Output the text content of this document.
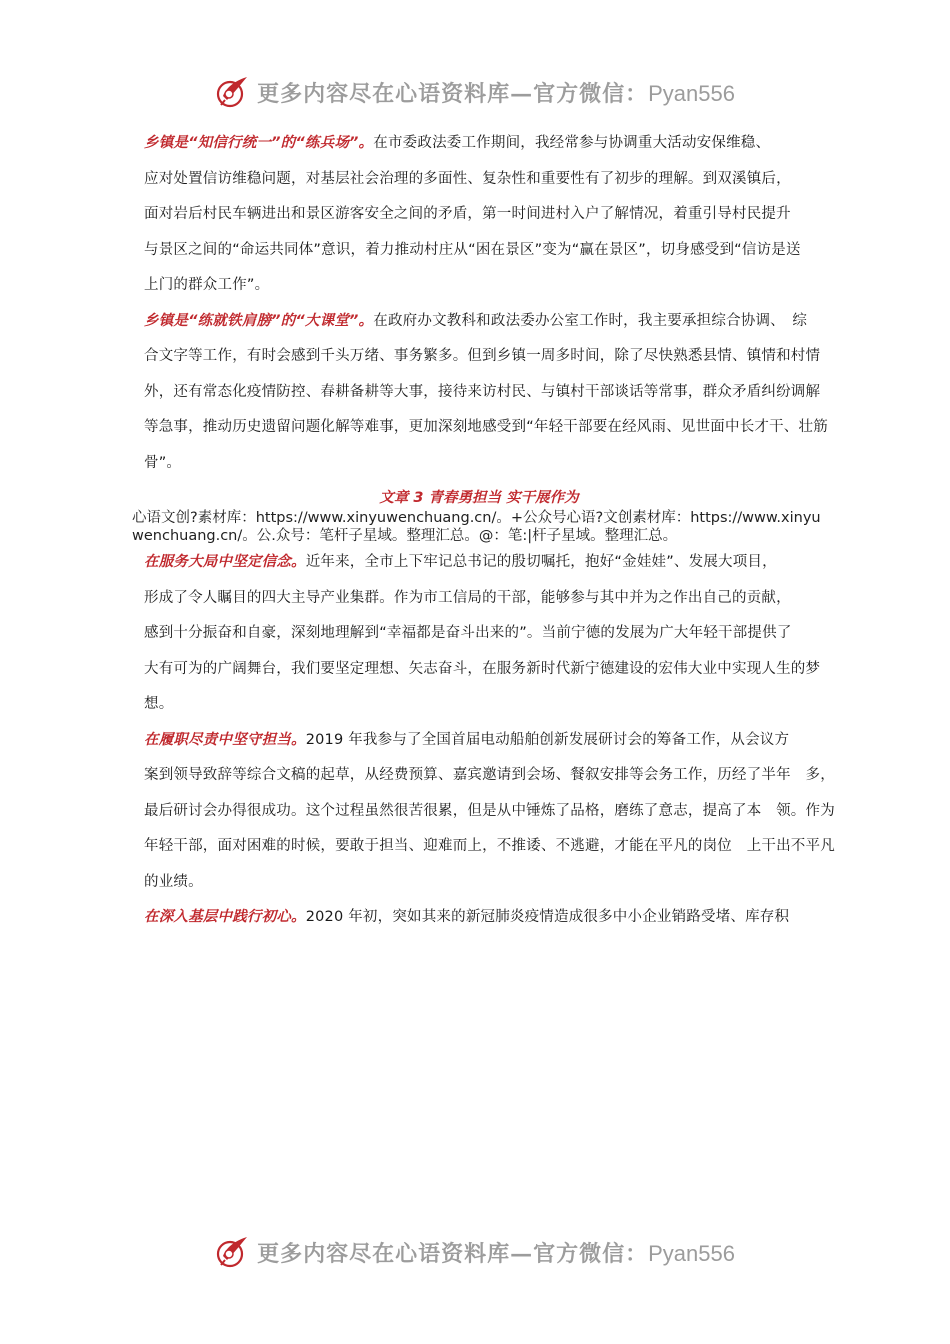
更多内容尽在心语资料库—官方微信：Pyan556
乡镇是“知信行统一”的“练兵场”。在市委政法委工作期间，我经常参与协调重大活动安保维稳、
应对处置信访维稳问题，对基层社会治理的多面性、复杂性和重要性有了初步的理解。到双溪镇后，
面对岩后村民车辆进出和景区游客安全之间的矛盾，第一时间进村入户了解情况，着重引导村民提升
与景区之间的“命运共同体”意识，着力推动村庄从“困在景区”变为“赢在景区”，切身感受到“信访是送
上门的群众工作”。
乡镇是“练就铁肩膀”的“大课堂”。在政府办文教科和政法委办公室工作时，我主要承担综合协调、　综
合文字等工作，有时会感到千头万绪、事务繁多。但到乡镇一周多时间，除了尽快熟悉县情、镇情和村情
外，还有常态化疫情防控、春耕备耕等大事，接待来访村民、与镇村干部谈话等常事，群众矛盾纠纷调解
等急事，推动历史遗留问题化解等难事，更加深刻地感受到“年轻干部要在经风雨、见世面中长才干、壮筋
骨”。
文章 3 青春勇担当 实干展作为
心语文创?素材库：https://www.xinyuwenchuang.cn/。+公众号心语?文创素材库：https://www.xinyuwenchuang.cn/。公.众号：笔杆子星域。整理汇总。@：笔:|杆子星域。整理汇总。
在服务大局中坚定信念。近年来，全市上下牢记总书记的殷切嘱托，抱好“金娃娃”、发展大项目，
形成了令人瞩目的四大主导产业集群。作为市工信局的干部，能够参与其中并为之作出自己的贡献，
感到十分振奋和自豪，深刻地理解到“幸福都是奋斗出来的”。当前宁德的发展为广大年轻干部提供了
大有可为的广阔舞台，我们要坚定理想、矢志奋斗，在服务新时代新宁德建设的宏伟大业中实现人生的梦
想。
在履职尽责中坚守担当。2019 年我参与了全国首届电动船舶创新发展研讨会的筹备工作，从会议方
案到领导致辞等综合文稿的起草，从经费预算、嘉宾邀请到会场、餐叙安排等会务工作，历经了半年　多，
最后研讨会办得很成功。这个过程虽然很苦很累，但是从中锤炼了品格，磨练了意志，提高了本　领。作为
年轻干部，面对困难的时候，要敢于担当、迎难而上，不推诿、不逃避，才能在平凡的岗位　上干出不平凡
的业绩。
在深入基层中践行初心。2020 年初，突如其来的新冠肺炎疫情造成很多中小企业销路受堵、库存积
更多内容尽在心语资料库—官方微信：Pyan556
